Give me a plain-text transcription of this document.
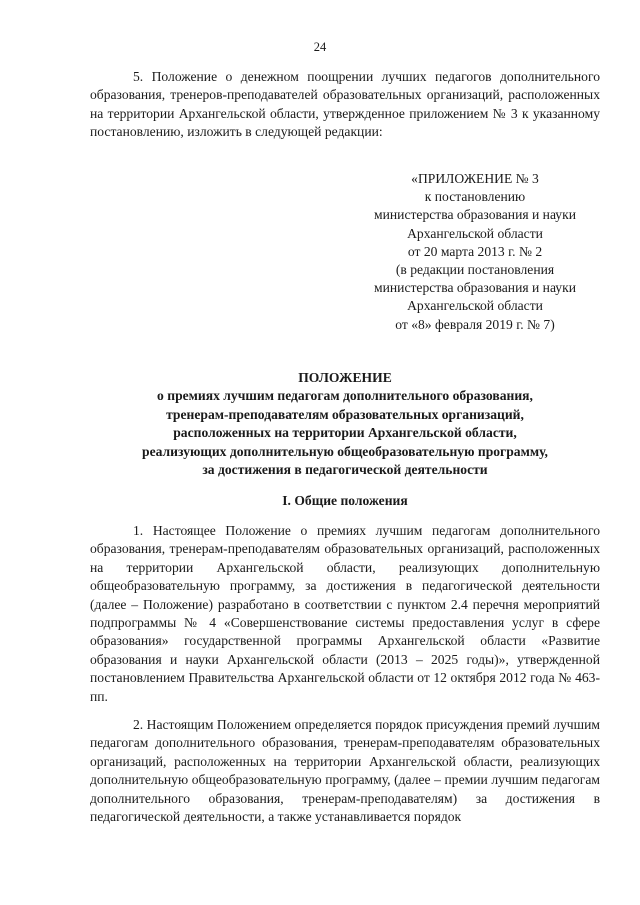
24

5. Положение о денежном поощрении лучших педагогов дополнительного образования, тренеров-преподавателей образовательных организаций, расположенных на территории Архангельской области, утвержденное приложением № 3 к указанному постановлению, изложить в следующей редакции:

«ПРИЛОЖЕНИЕ № 3
к постановлению
министерства образования и науки
Архангельской области
от 20 марта 2013 г. № 2
(в редакции постановления
министерства образования и науки
Архангельской области
от «8» февраля 2019 г. № 7)
ПОЛОЖЕНИЕ
о премиях лучшим педагогам дополнительного образования,
тренерам-преподавателям образовательных организаций,
расположенных на территории Архангельской области,
реализующих дополнительную общеобразовательную программу,
за достижения в педагогической деятельности
I. Общие положения

1. Настоящее Положение о премиях лучшим педагогам дополнительного образования, тренерам-преподавателям образовательных организаций, расположенных на территории Архангельской области, реализующих дополнительную общеобразовательную программу, за достижения в педагогической деятельности (далее – Положение) разработано в соответствии с пунктом 2.4 перечня мероприятий подпрограммы № 4 «Совершенствование системы предоставления услуг в сфере образования» государственной программы Архангельской области «Развитие образования и науки Архангельской области (2013 – 2025 годы)», утвержденной постановлением Правительства Архангельской области от 12 октября 2012 года № 463-пп.

2. Настоящим Положением определяется порядок присуждения премий лучшим педагогам дополнительного образования, тренерам-преподавателям образовательных организаций, расположенных на территории Архангельской области, реализующих дополнительную общеобразовательную программу, (далее – премии лучшим педагогам дополнительного образования, тренерам-преподавателям) за достижения в педагогической деятельности, а также устанавливается порядок
